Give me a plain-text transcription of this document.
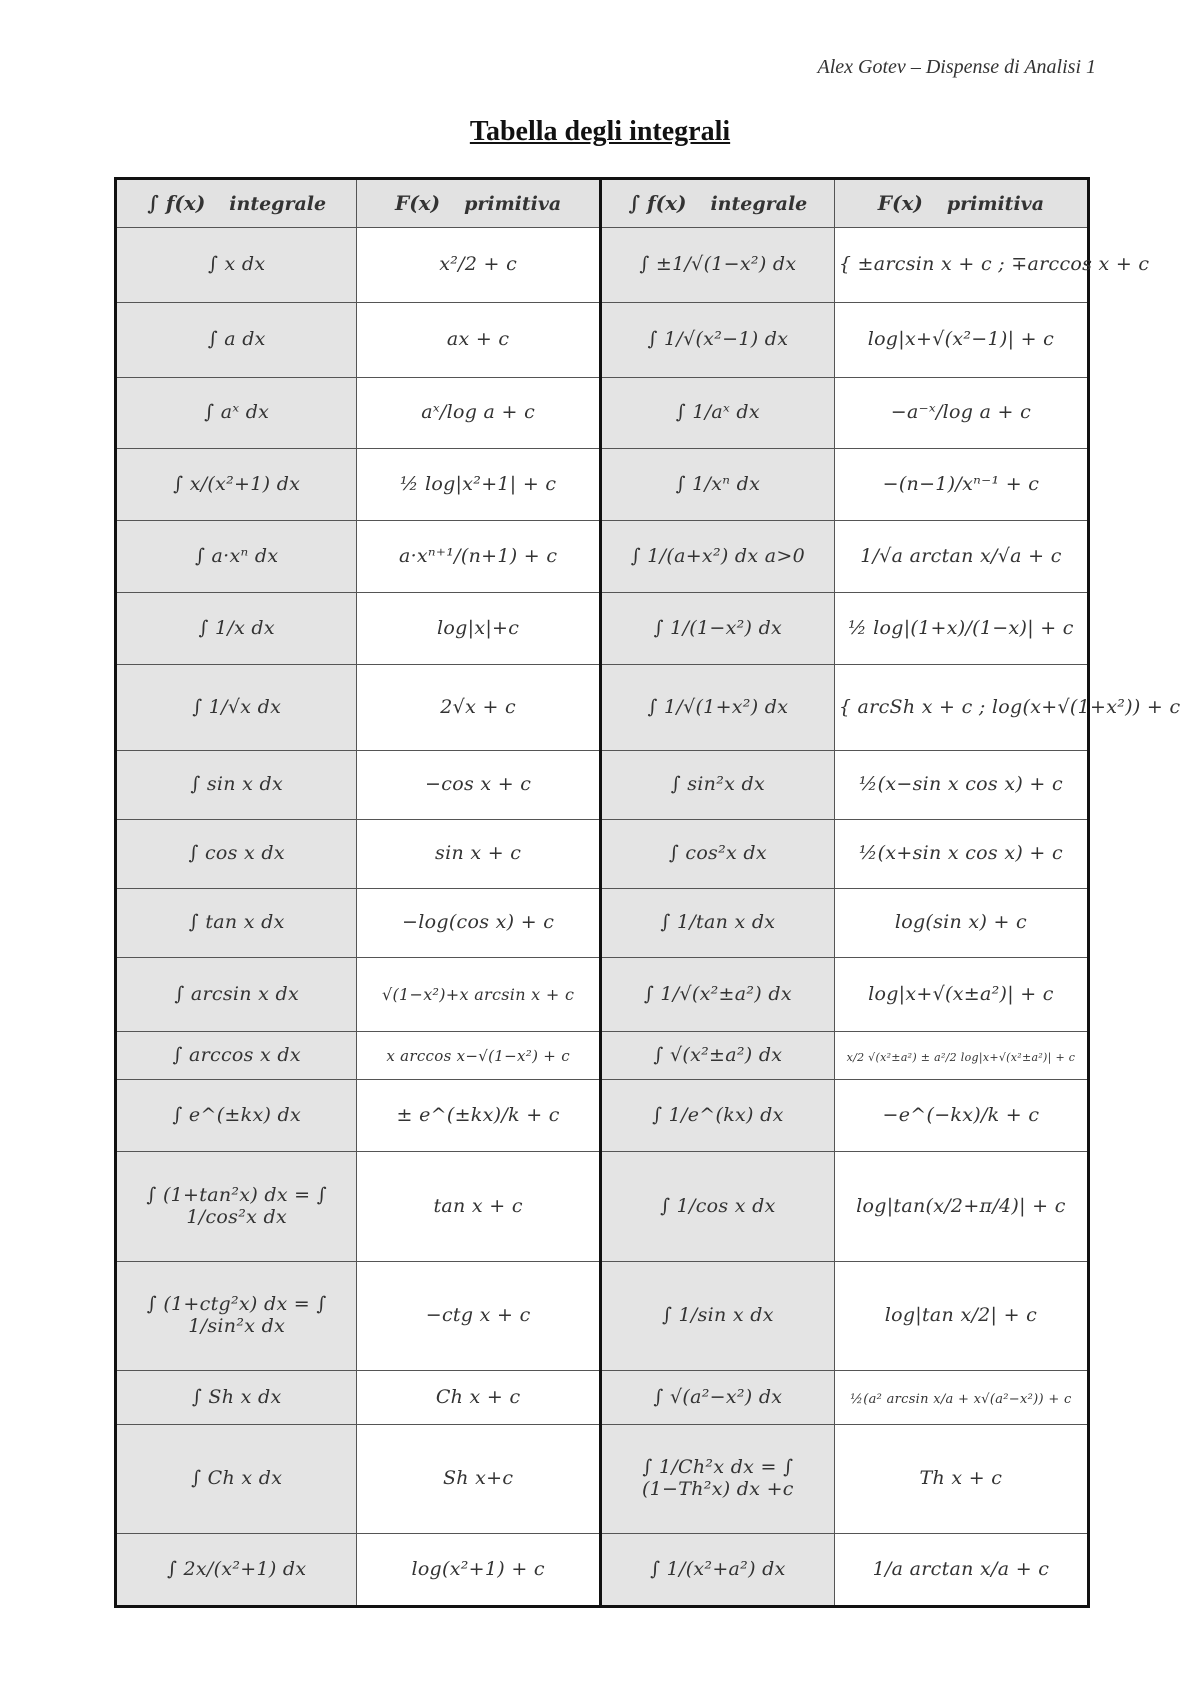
Alex Gotev – Dispense di Analisi 1
Tabella degli integrali
∫ f(x) integrale	F(x) primitiva	∫ f(x) integrale	F(x) primitiva
∫ x dx	x²/2 + c	∫ ±1/√(1−x²) dx	{ ±arcsin x + c ; ∓arccos x + c
∫ a dx	ax + c	∫ 1/√(x²−1) dx	log|x+√(x²−1)| + c
∫ aˣ dx	aˣ/log a + c	∫ 1/aˣ dx	−a⁻ˣ/log a + c
∫ x/(x²+1) dx	½ log|x²+1| + c	∫ 1/xⁿ dx	−(n−1)/xⁿ⁻¹ + c
∫ a·xⁿ dx	a·xⁿ⁺¹/(n+1) + c	∫ 1/(a+x²) dx a>0	1/√a arctan x/√a + c
∫ 1/x dx	log|x|+c	∫ 1/(1−x²) dx	½ log|(1+x)/(1−x)| + c
∫ 1/√x dx	2√x + c	∫ 1/√(1+x²) dx	{ arcSh x + c ; log(x+√(1+x²)) + c
∫ sin x dx	−cos x + c	∫ sin²x dx	½(x−sin x cos x) + c
∫ cos x dx	sin x + c	∫ cos²x dx	½(x+sin x cos x) + c
∫ tan x dx	−log(cos x) + c	∫ 1/tan x dx	log(sin x) + c
∫ arcsin x dx	√(1−x²)+x arcsin x + c	∫ 1/√(x²±a²) dx	log|x+√(x±a²)| + c
∫ arccos x dx	x arccos x−√(1−x²) + c	∫ √(x²±a²) dx	x/2 √(x²±a²) ± a²/2 log|x+√(x²±a²)| + c
∫ e^(±kx) dx	± e^(±kx)/k + c	∫ 1/e^(kx) dx	−e^(−kx)/k + c
∫ (1+tan²x) dx = ∫ 1/cos²x dx	tan x + c	∫ 1/cos x dx	log|tan(x/2+π/4)| + c
∫ (1+ctg²x) dx = ∫ 1/sin²x dx	−ctg x + c	∫ 1/sin x dx	log|tan x/2| + c
∫ Sh x dx	Ch x + c	∫ √(a²−x²) dx	½(a² arcsin x/a + x√(a²−x²)) + c
∫ Ch x dx	Sh x+c	∫ 1/Ch²x dx = ∫ (1−Th²x) dx +c	Th x + c
∫ 2x/(x²+1) dx	log(x²+1) + c	∫ 1/(x²+a²) dx	1/a arctan x/a + c
